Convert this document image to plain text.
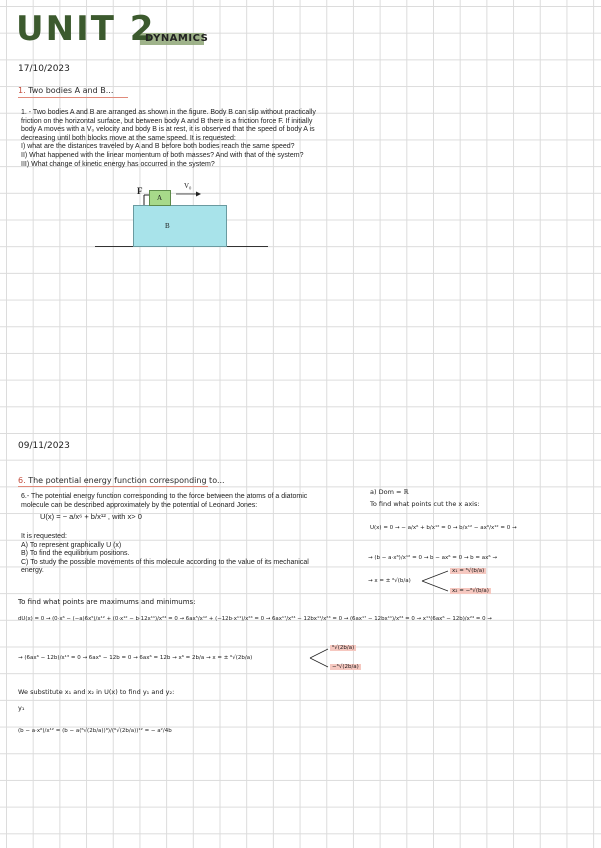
UNIT 2
DYNAMICS
17/10/2023
1. Two bodies A and B...

1. - Two bodies A and B are arranged as shown in the figure. Body B can slip without practically

friction on the horizontal surface, but between body A and B there is a friction force F. If initially

body A moves with a V₀ velocity and body B is at rest, it is observed that the speed of body A is

decreasing until both blocks move at the same speed. It is requested:

I) what are the distances traveled by A and B before both bodies reach the same speed?

II) What happened with the linear momentum of both masses? And with that of the system?

III) What change of kinetic energy has occurred in the system?

A
B
F	V₀
09/11/2023
6. The potential energy function corresponding to...

6.- The potential energy function corresponding to the force between the atoms of a diatomic

molecule can be described approximately by the potential of Leonard Jones:

U(x) = − a/x⁶ + b/x¹² , with x> 0

It is requested:

A) To represent graphically U (x)

B) To find the equilibrium positions.

C) To study the possible movements of this molecule according to the value of its mechanical

energy.

a) Dom = ℝ
To find what points cut the x axis:
U(x) = 0 → − a/x⁶ + b/x¹² = 0 → b/x¹² − ax⁶/x¹² = 0 →
→ (b − a·x⁶)/x¹² = 0 → b − ax⁶ = 0 → b = ax⁶ →
→ x = ± ⁶√(b/a)
x₁ = ⁶√(b/a)
x₂ = −⁶√(b/a)
To find what points are maximums and minimums:
dU(x) = 0 → (0·x⁶ − (−a)6x⁵)/x¹² + (0·x¹² − b·12x¹¹)/x²⁴ = 0 → 6ax⁵/x¹² + (−12b·x¹¹)/x²⁴ = 0 → 6ax¹⁷/x²⁴ − 12bx¹¹/x²⁴ = 0 → (6ax¹⁷ − 12bx¹¹)/x²⁴ = 0 → x¹¹(6ax⁶ − 12b)/x²⁴ = 0 →
→ (6ax⁶ − 12b)/x¹³ = 0 → 6ax⁶ − 12b = 0 → 6ax⁶ = 12b → x⁶ = 2b/a → x = ± ⁶√(2b/a)
⁶√(2b/a)
−⁶√(2b/a)
We substitute x₁ and x₂ in U(x) to find y₁ and y₂:
y₁
(b − a·x⁶)/x¹² = (b − a(⁶√(2b/a))⁶)/(⁶√(2b/a))¹² = − a²/4b
